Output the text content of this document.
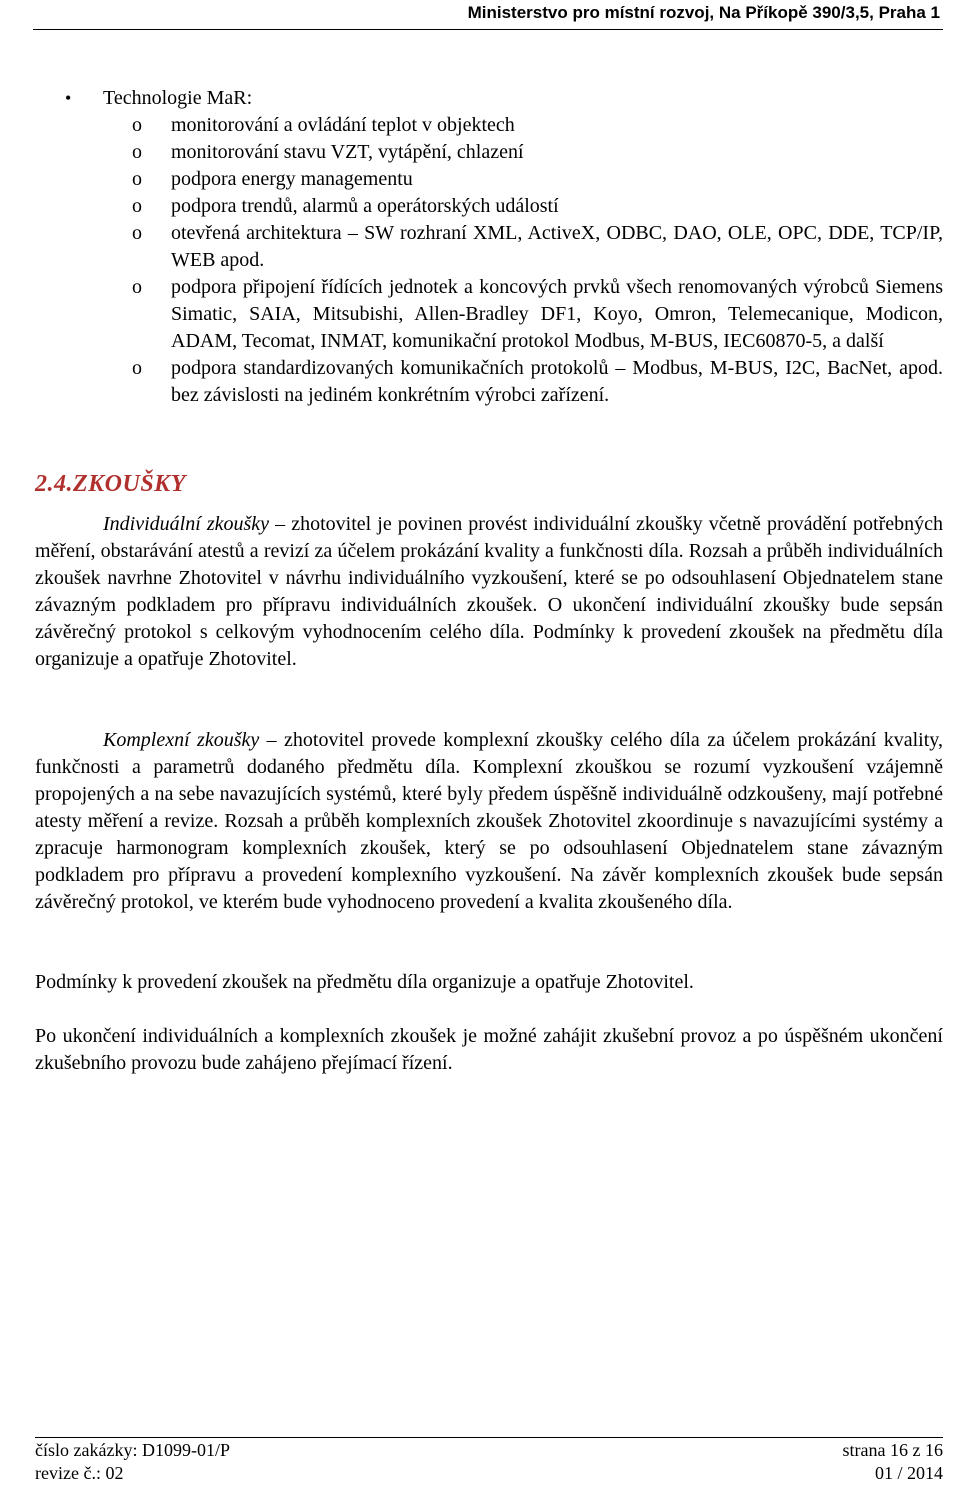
Ministerstvo pro místní rozvoj, Na Příkopě 390/3,5, Praha 1
•	Technologie MaR:
o	monitorování a ovládání teplot v objektech
o	monitorování stavu VZT, vytápění, chlazení
o	podpora energy managementu
o	podpora trendů, alarmů a operátorských událostí
o	otevřená architektura – SW rozhraní XML, ActiveX, ODBC, DAO, OLE, OPC, DDE, TCP/IP, WEB apod.
o	podpora připojení řídících jednotek a koncových prvků všech renomovaných výrobců Siemens Simatic, SAIA, Mitsubishi, Allen-Bradley DF1, Koyo, Omron, Telemecanique, Modicon, ADAM, Tecomat, INMAT, komunikační protokol Modbus, M-BUS, IEC60870-5, a další
o	podpora standardizovaných komunikačních protokolů – Modbus, M-BUS, I2C, BacNet, apod. bez závislosti na jediném konkrétním výrobci zařízení.
2.4.ZKOUŠKY

Individuální zkoušky – zhotovitel je povinen provést individuální zkoušky včetně provádění potřebných měření, obstarávání atestů a revizí za účelem prokázání kvality a funkčnosti díla. Rozsah a průběh individuálních zkoušek navrhne Zhotovitel v návrhu individuálního vyzkoušení, které se po odsouhlasení Objednatelem stane závazným podkladem pro přípravu individuálních zkoušek. O ukončení individuální zkoušky bude sepsán závěrečný protokol s celkovým vyhodnocením celého díla. Podmínky k provedení zkoušek na předmětu díla organizuje a opatřuje Zhotovitel.

Komplexní zkoušky – zhotovitel provede komplexní zkoušky celého díla za účelem prokázání kvality, funkčnosti a parametrů dodaného předmětu díla. Komplexní zkouškou se rozumí vyzkoušení vzájemně propojených a na sebe navazujících systémů, které byly předem úspěšně individuálně odzkoušeny, mají potřebné atesty měření a revize. Rozsah a průběh komplexních zkoušek Zhotovitel zkoordinuje s navazujícími systémy a zpracuje harmonogram komplexních zkoušek, který se po odsouhlasení Objednatelem stane závazným podkladem pro přípravu a provedení komplexního vyzkoušení. Na závěr komplexních zkoušek bude sepsán závěrečný protokol, ve kterém bude vyhodnoceno provedení a kvalita zkoušeného díla.

Podmínky k provedení zkoušek na předmětu díla organizuje a opatřuje Zhotovitel.

Po ukončení individuálních a komplexních zkoušek je možné zahájit zkušební provoz a po úspěšném ukončení zkušebního provozu bude zahájeno přejímací řízení.

číslo zakázky: D1099-01/P	strana 16 z 16
revize č.: 02	01 / 2014
